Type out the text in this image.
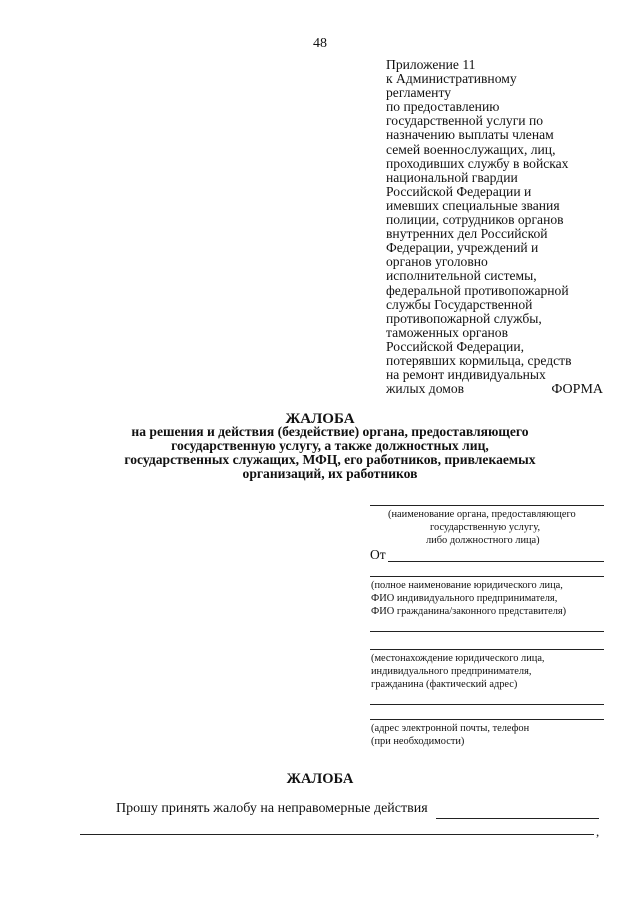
48
Приложение 11
к Административному
регламенту
по предоставлению
государственной услуги по
назначению выплаты членам
семей военнослужащих, лиц,
проходивших службу в войсках
национальной гвардии
Российской Федерации и
имевших специальные звания
полиции, сотрудников органов
внутренних дел Российской
Федерации, учреждений и
органов уголовно
исполнительной системы,
федеральной противопожарной
службы Государственной
противопожарной службы,
таможенных органов
Российской Федерации,
потерявших кормильца, средств
на ремонт индивидуальных
жилых домов	ФОРМА
ЖАЛОБА
на решения и действия (бездействие) органа, предоставляющего
государственную услугу, а также должностных лиц,
государственных служащих, МФЦ, его работников, привлекаемых
организаций, их работников
(наименование органа, предоставляющего
государственную услугу,
либо должностного лица)
От
(полное наименование юридического лица,
ФИО индивидуального предпринимателя,
ФИО гражданина/законного представителя)
(местонахождение юридического лица,
индивидуального предпринимателя,
гражданина (фактический адрес)
(адрес электронной почты, телефон
(при необходимости)
ЖАЛОБА
Прошу принять жалобу на неправомерные действия
,
